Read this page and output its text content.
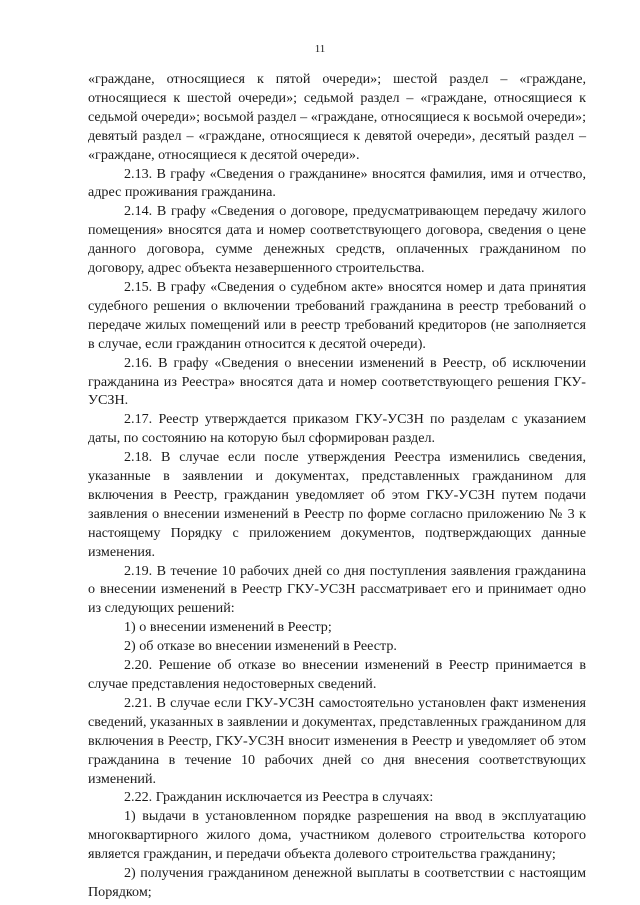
11

«граждане, относящиеся к пятой очереди»; шестой раздел – «граждане, относящиеся к шестой очереди»; седьмой раздел – «граждане, относящиеся к седьмой очереди»; восьмой раздел – «граждане, относящиеся к восьмой очереди»; девятый раздел – «граждане, относящиеся к девятой очереди», десятый раздел – «граждане, относящиеся к десятой очереди».

2.13. В графу «Сведения о гражданине» вносятся фамилия, имя и отчество, адрес проживания гражданина.

2.14. В графу «Сведения о договоре, предусматривающем передачу жилого помещения» вносятся дата и номер соответствующего договора, сведения о цене данного договора, сумме денежных средств, оплаченных гражданином по договору, адрес объекта незавершенного строительства.

2.15. В графу «Сведения о судебном акте» вносятся номер и дата принятия судебного решения о включении требований гражданина в реестр требований о передаче жилых помещений или в реестр требований кредиторов (не заполняется в случае, если гражданин относится к десятой очереди).

2.16. В графу «Сведения о внесении изменений в Реестр, об исключении гражданина из Реестра» вносятся дата и номер соответствующего решения ГКУ-УСЗН.

2.17. Реестр утверждается приказом ГКУ-УСЗН по разделам с указанием даты, по состоянию на которую был сформирован раздел.

2.18. В случае если после утверждения Реестра изменились сведения, указанные в заявлении и документах, представленных гражданином для включения в Реестр, гражданин уведомляет об этом ГКУ-УСЗН путем подачи заявления о внесении изменений в Реестр по форме согласно приложению № 3 к настоящему Порядку с приложением документов, подтверждающих данные изменения.

2.19. В течение 10 рабочих дней со дня поступления заявления гражданина о внесении изменений в Реестр ГКУ-УСЗН рассматривает его и принимает одно из следующих решений:

1) о внесении изменений в Реестр;

2) об отказе во внесении изменений в Реестр.

2.20. Решение об отказе во внесении изменений в Реестр принимается в случае представления недостоверных сведений.

2.21. В случае если ГКУ-УСЗН самостоятельно установлен факт изменения сведений, указанных в заявлении и документах, представленных гражданином для включения в Реестр, ГКУ-УСЗН вносит изменения в Реестр и уведомляет об этом гражданина в течение 10 рабочих дней со дня внесения соответствующих изменений.

2.22. Гражданин исключается из Реестра в случаях:

1) выдачи в установленном порядке разрешения на ввод в эксплуатацию многоквартирного жилого дома, участником долевого строительства которого является гражданин, и передачи объекта долевого строительства гражданину;

2) получения гражданином денежной выплаты в соответствии с настоящим Порядком;
